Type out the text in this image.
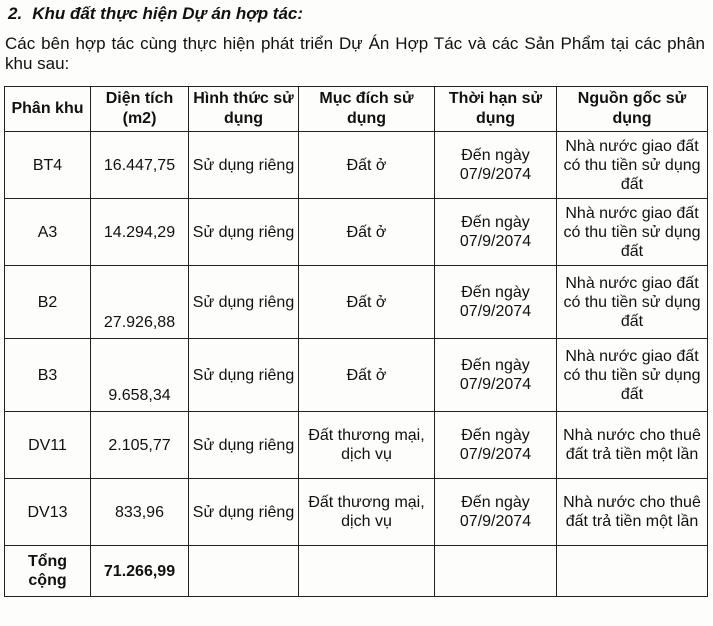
2. Khu đất thực hiện Dự án hợp tác:
Các bên hợp tác cùng thực hiện phát triển Dự Án Hợp Tác và các Sản Phẩm tại các phân khu sau:
Phân khu	Diện tích (m2)	Hình thức sử dụng	Mục đích sử dụng	Thời hạn sử dụng	Nguồn gốc sử dụng
BT4	16.447,75	Sử dụng riêng	Đất ở	Đến ngày 07/9/2074	Nhà nước giao đất có thu tiền sử dụng đất
A3	14.294,29	Sử dụng riêng	Đất ở	Đến ngày 07/9/2074	Nhà nước giao đất có thu tiền sử dụng đất
B2	27.926,88	Sử dụng riêng	Đất ở	Đến ngày 07/9/2074	Nhà nước giao đất có thu tiền sử dụng đất
B3	9.658,34	Sử dụng riêng	Đất ở	Đến ngày 07/9/2074	Nhà nước giao đất có thu tiền sử dụng đất
DV11	2.105,77	Sử dụng riêng	Đất thương mại, dịch vụ	Đến ngày 07/9/2074	Nhà nước cho thuê đất trả tiền một lần
DV13	833,96	Sử dụng riêng	Đất thương mại, dịch vụ	Đến ngày 07/9/2074	Nhà nước cho thuê đất trả tiền một lần
Tổng cộng	71.266,99				
